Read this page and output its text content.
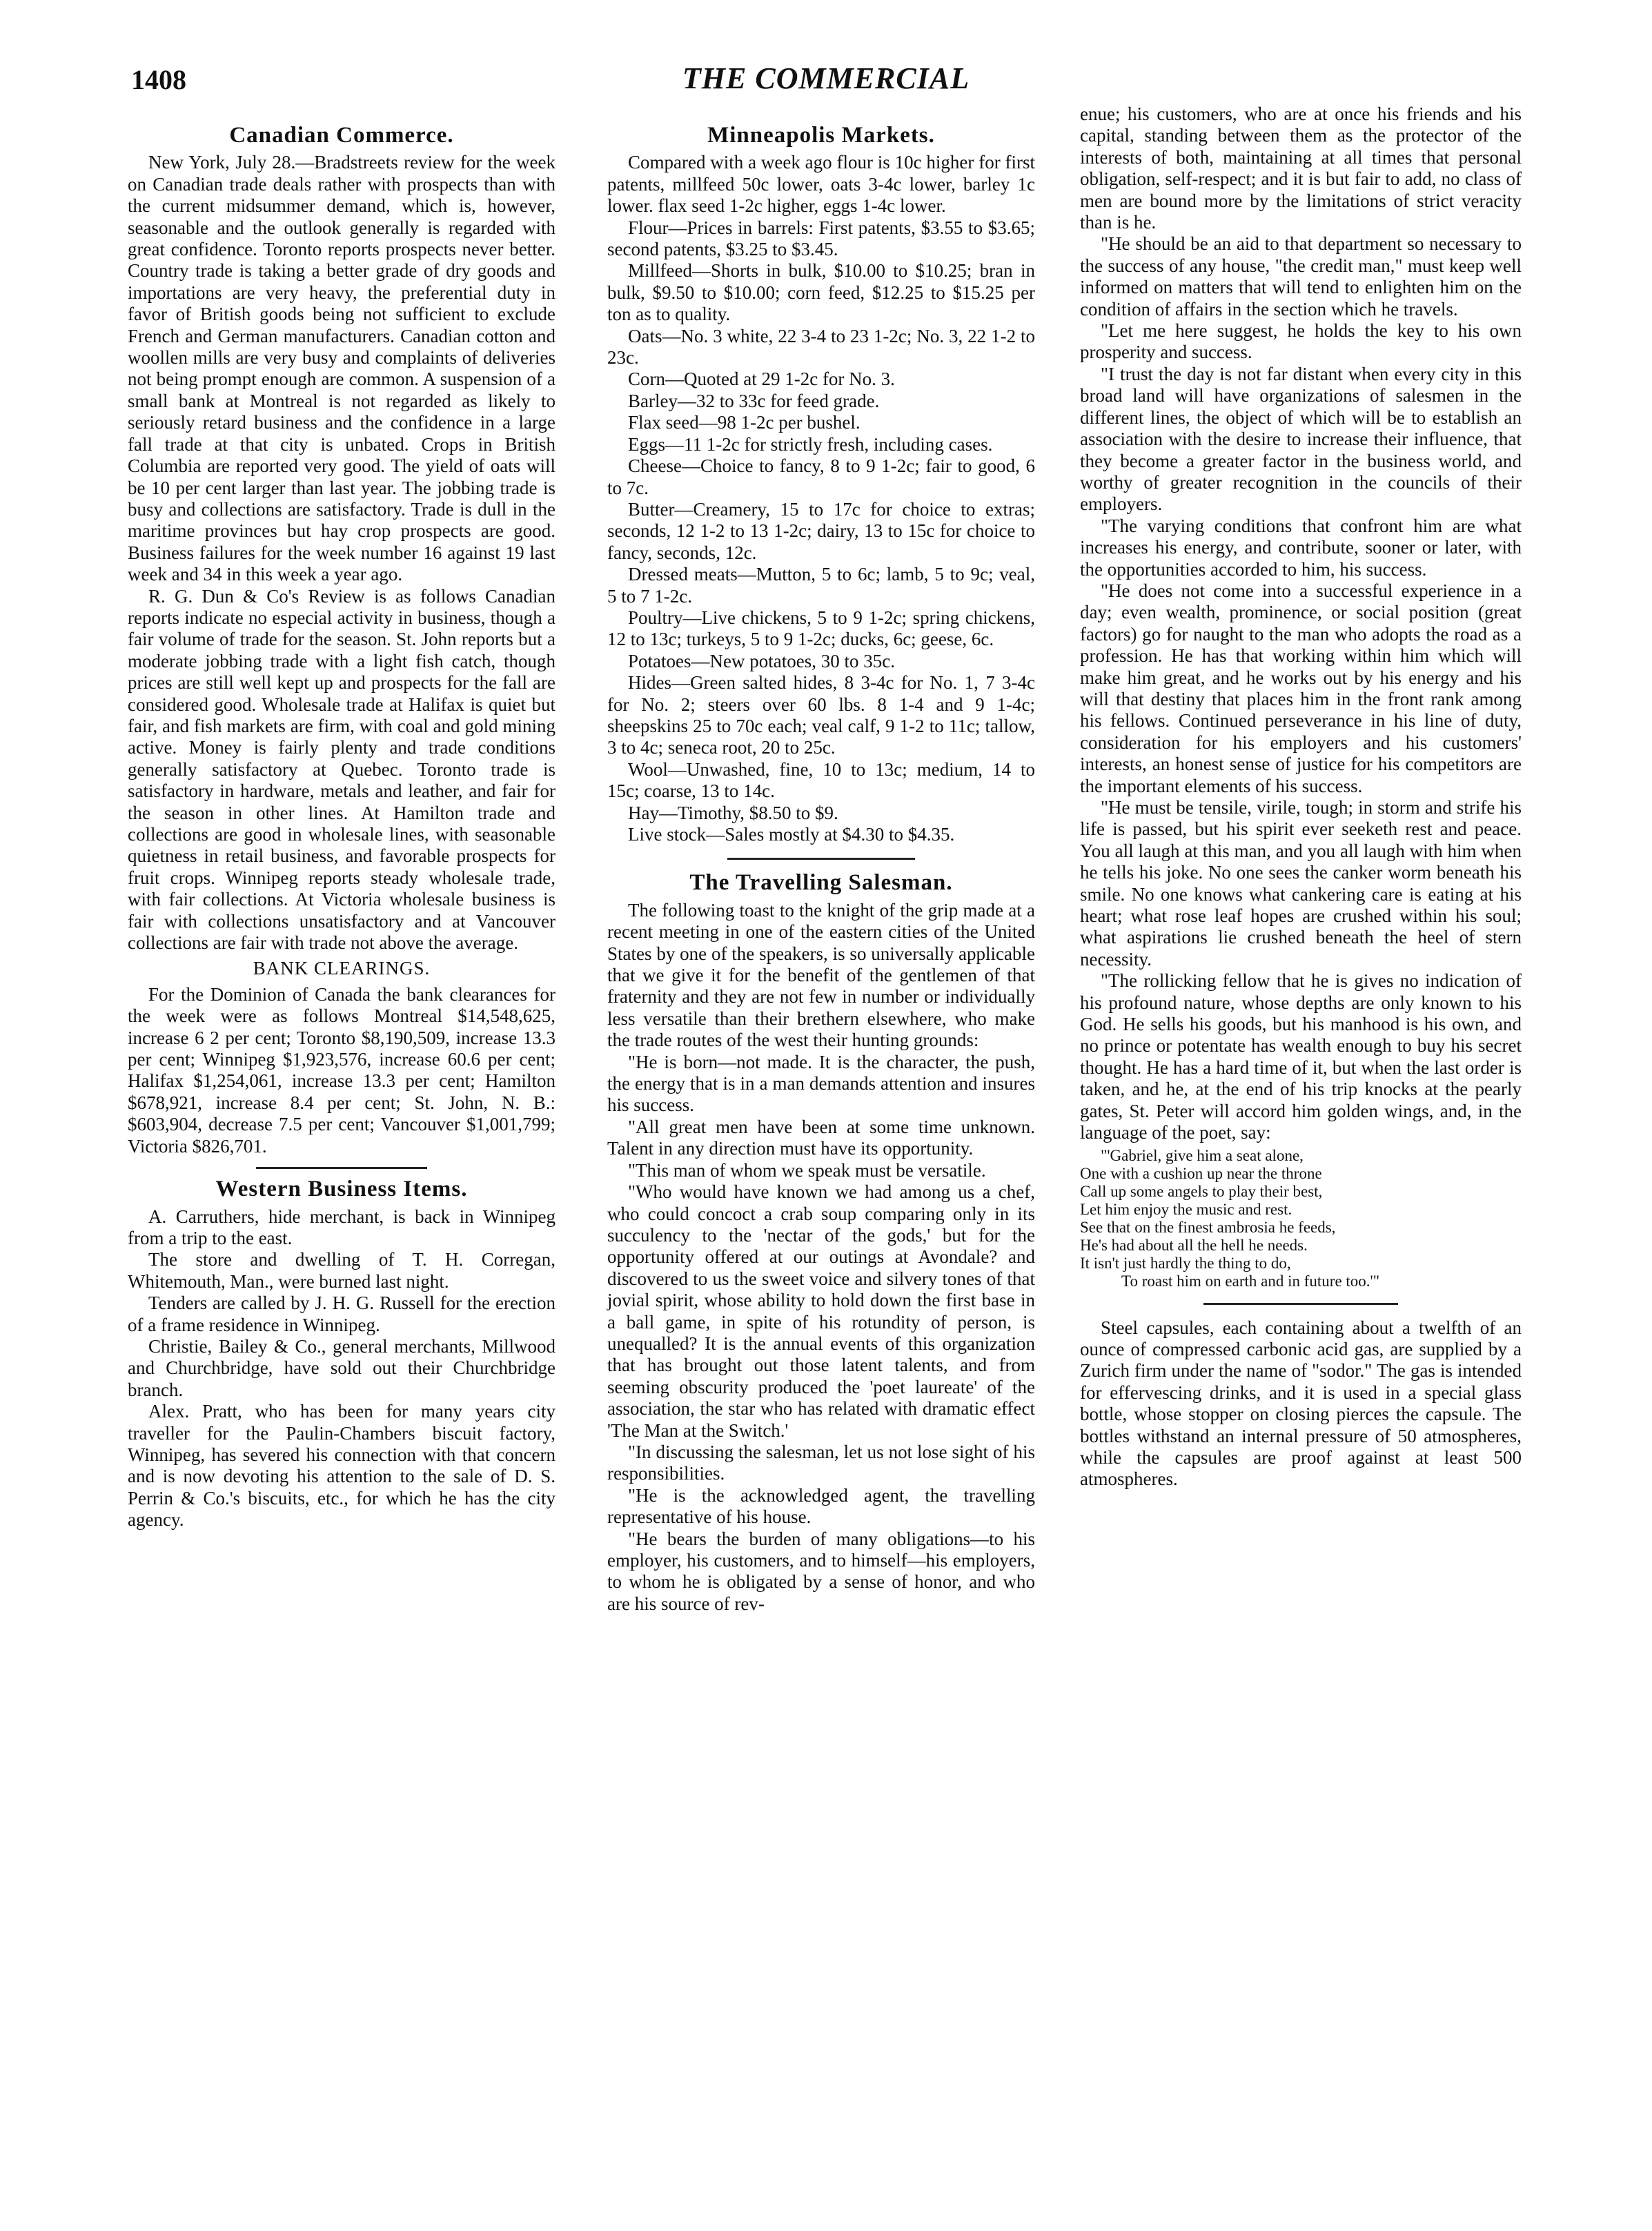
1408	THE COMMERCIAL
Canadian Commerce.

New York, July 28.—Bradstreets review for the week on Canadian trade deals rather with prospects than with the current midsummer demand, which is, however, seasonable and the outlook generally is regarded with great confidence. Toronto reports prospects never better. Country trade is taking a better grade of dry goods and importations are very heavy, the preferential duty in favor of British goods being not sufficient to exclude French and German manufacturers. Canadian cotton and woollen mills are very busy and complaints of deliveries not being prompt enough are common. A suspension of a small bank at Montreal is not regarded as likely to seriously retard business and the confidence in a large fall trade at that city is unbated. Crops in British Columbia are reported very good. The yield of oats will be 10 per cent larger than last year. The jobbing trade is busy and collections are satisfactory. Trade is dull in the maritime provinces but hay crop prospects are good. Business failures for the week number 16 against 19 last week and 34 in this week a year ago.

R. G. Dun & Co's Review is as follows Canadian reports indicate no especial activity in business, though a fair volume of trade for the season. St. John reports but a moderate jobbing trade with a light fish catch, though prices are still well kept up and prospects for the fall are considered good. Wholesale trade at Halifax is quiet but fair, and fish markets are firm, with coal and gold mining active. Money is fairly plenty and trade conditions generally satisfactory at Quebec. Toronto trade is satisfactory in hardware, metals and leather, and fair for the season in other lines. At Hamilton trade and collections are good in wholesale lines, with seasonable quietness in retail business, and favorable prospects for fruit crops. Winnipeg reports steady wholesale trade, with fair collections. At Victoria wholesale business is fair with collections unsatisfactory and at Vancouver collections are fair with trade not above the average.

BANK CLEARINGS.

For the Dominion of Canada the bank clearances for the week were as follows Montreal $14,548,625, increase 6 2 per cent; Toronto $8,190,509, increase 13.3 per cent; Winnipeg $1,923,576, increase 60.6 per cent; Halifax $1,254,061, increase 13.3 per cent; Hamilton $678,921, increase 8.4 per cent; St. John, N. B.: $603,904, decrease 7.5 per cent; Vancouver $1,001,799; Victoria $826,701.

Western Business Items.

A. Carruthers, hide merchant, is back in Winnipeg from a trip to the east.

The store and dwelling of T. H. Corregan, Whitemouth, Man., were burned last night.

Tenders are called by J. H. G. Russell for the erection of a frame residence in Winnipeg.

Christie, Bailey & Co., general merchants, Millwood and Churchbridge, have sold out their Churchbridge branch.

Alex. Pratt, who has been for many years city traveller for the Paulin-Chambers biscuit factory, Winnipeg, has severed his connection with that concern and is now devoting his attention to the sale of D. S. Perrin & Co.'s biscuits, etc., for which he has the city agency.

Minneapolis Markets.

Compared with a week ago flour is 10c higher for first patents, millfeed 50c lower, oats 3-4c lower, barley 1c lower. flax seed 1-2c higher, eggs 1-4c lower.

Flour—Prices in barrels: First patents, $3.55 to $3.65; second patents, $3.25 to $3.45.

Millfeed—Shorts in bulk, $10.00 to $10.25; bran in bulk, $9.50 to $10.00; corn feed, $12.25 to $15.25 per ton as to quality.

Oats—No. 3 white, 22 3-4 to 23 1-2c; No. 3, 22 1-2 to 23c.

Corn—Quoted at 29 1-2c for No. 3.

Barley—32 to 33c for feed grade.

Flax seed—98 1-2c per bushel.

Eggs—11 1-2c for strictly fresh, including cases.

Cheese—Choice to fancy, 8 to 9 1-2c; fair to good, 6 to 7c.

Butter—Creamery, 15 to 17c for choice to extras; seconds, 12 1-2 to 13 1-2c; dairy, 13 to 15c for choice to fancy, seconds, 12c.

Dressed meats—Mutton, 5 to 6c; lamb, 5 to 9c; veal, 5 to 7 1-2c.

Poultry—Live chickens, 5 to 9 1-2c; spring chickens, 12 to 13c; turkeys, 5 to 9 1-2c; ducks, 6c; geese, 6c.

Potatoes—New potatoes, 30 to 35c.

Hides—Green salted hides, 8 3-4c for No. 1, 7 3-4c for No. 2; steers over 60 lbs. 8 1-4 and 9 1-4c; sheepskins 25 to 70c each; veal calf, 9 1-2 to 11c; tallow, 3 to 4c; seneca root, 20 to 25c.

Wool—Unwashed, fine, 10 to 13c; medium, 14 to 15c; coarse, 13 to 14c.

Hay—Timothy, $8.50 to $9.

Live stock—Sales mostly at $4.30 to $4.35.

The Travelling Salesman.

The following toast to the knight of the grip made at a recent meeting in one of the eastern cities of the United States by one of the speakers, is so universally applicable that we give it for the benefit of the gentlemen of that fraternity and they are not few in number or individually less versatile than their brethern elsewhere, who make the trade routes of the west their hunting grounds:

"He is born—not made. It is the character, the push, the energy that is in a man demands attention and insures his success.

"All great men have been at some time unknown. Talent in any direction must have its opportunity.

"This man of whom we speak must be versatile.

"Who would have known we had among us a chef, who could concoct a crab soup comparing only in its succulency to the 'nectar of the gods,' but for the opportunity offered at our outings at Avondale? and discovered to us the sweet voice and silvery tones of that jovial spirit, whose ability to hold down the first base in a ball game, in spite of his rotundity of person, is unequalled? It is the annual events of this organization that has brought out those latent talents, and from seeming obscurity produced the 'poet laureate' of the association, the star who has related with dramatic effect 'The Man at the Switch.'

"In discussing the salesman, let us not lose sight of his responsibilities.

"He is the acknowledged agent, the travelling representative of his house.

"He bears the burden of many obligations—to his employer, his customers, and to himself—his employers, to whom he is obligated by a sense of honor, and who are his source of rev-

enue; his customers, who are at once his friends and his capital, standing between them as the protector of the interests of both, maintaining at all times that personal obligation, self-respect; and it is but fair to add, no class of men are bound more by the limitations of strict veracity than is he.

"He should be an aid to that department so necessary to the success of any house, "the credit man," must keep well informed on matters that will tend to enlighten him on the condition of affairs in the section which he travels.

"Let me here suggest, he holds the key to his own prosperity and success.

"I trust the day is not far distant when every city in this broad land will have organizations of salesmen in the different lines, the object of which will be to establish an association with the desire to increase their influence, that they become a greater factor in the business world, and worthy of greater recognition in the councils of their employers.

"The varying conditions that confront him are what increases his energy, and contribute, sooner or later, with the opportunities accorded to him, his success.

"He does not come into a successful experience in a day; even wealth, prominence, or social position (great factors) go for naught to the man who adopts the road as a profession. He has that working within him which will make him great, and he works out by his energy and his will that destiny that places him in the front rank among his fellows. Continued perseverance in his line of duty, consideration for his employers and his customers' interests, an honest sense of justice for his competitors are the important elements of his success.

"He must be tensile, virile, tough; in storm and strife his life is passed, but his spirit ever seeketh rest and peace. You all laugh at this man, and you all laugh with him when he tells his joke. No one sees the canker worm beneath his smile. No one knows what cankering care is eating at his heart; what rose leaf hopes are crushed within his soul; what aspirations lie crushed beneath the heel of stern necessity.

"The rollicking fellow that he is gives no indication of his profound nature, whose depths are only known to his God. He sells his goods, but his manhood is his own, and no prince or potentate has wealth enough to buy his secret thought. He has a hard time of it, but when the last order is taken, and he, at the end of his trip knocks at the pearly gates, St. Peter will accord him golden wings, and, in the language of the poet, say:

"'Gabriel, give him a seat alone,
One with a cushion up near the throne
Call up some angels to play their best,
Let him enjoy the music and rest.
See that on the finest ambrosia he feeds,
He's had about all the hell he needs.
It isn't just hardly the thing to do,
To roast him on earth and in future too.'"

Steel capsules, each containing about a twelfth of an ounce of compressed carbonic acid gas, are supplied by a Zurich firm under the name of "sodor." The gas is intended for effervescing drinks, and it is used in a special glass bottle, whose stopper on closing pierces the capsule. The bottles withstand an internal pressure of 50 atmospheres, while the capsules are proof against at least 500 atmospheres.
